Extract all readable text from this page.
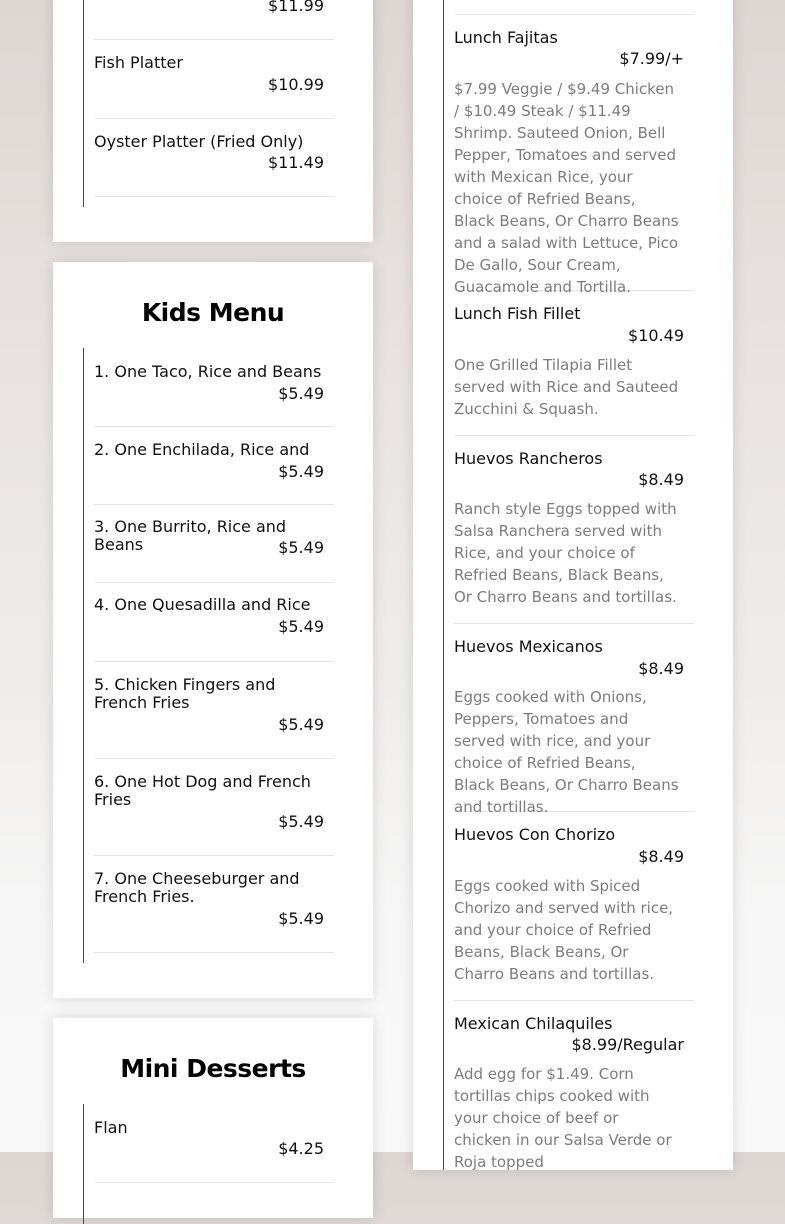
$11.99
Fish Platter
$10.99
Oyster Platter (Fried Only)
$11.49
Kids Menu
1. One Taco, Rice and Beans
$5.49
2. One Enchilada, Rice and
$5.49
3. One Burrito, Rice and Beans	$5.49
4. One Quesadilla and Rice
$5.49
5. Chicken Fingers and French Fries
$5.49
6. One Hot Dog and French Fries
$5.49
7. One Cheeseburger and French Fries.
$5.49
Mini Desserts
Flan
$4.25
Lunch Fajitas
$7.99/+
$7.99 Veggie / $9.49 Chicken / $10.49 Steak / $11.49 Shrimp. Sauteed Onion, Bell Pepper, Tomatoes and served with Mexican Rice, your choice of Refried Beans, Black Beans, Or Charro Beans and a salad with Lettuce, Pico De Gallo, Sour Cream, Guacamole and Tortilla.
Lunch Fish Fillet
$10.49
One Grilled Tilapia Fillet served with Rice and Sauteed Zucchini & Squash.
Huevos Rancheros
$8.49
Ranch style Eggs topped with Salsa Ranchera served with Rice, and your choice of Refried Beans, Black Beans, Or Charro Beans and tortillas.
Huevos Mexicanos
$8.49
Eggs cooked with Onions, Peppers, Tomatoes and served with rice, and your choice of Refried Beans, Black Beans, Or Charro Beans and tortillas.
Huevos Con Chorizo
$8.49
Eggs cooked with Spiced Chorizo and served with rice, and your choice of Refried Beans, Black Beans, Or Charro Beans and tortillas.
Mexican Chilaquiles
$8.99/Regular
Add egg for $1.49. Corn tortillas chips cooked with your choice of beef or chicken in our Salsa Verde or Roja topped
